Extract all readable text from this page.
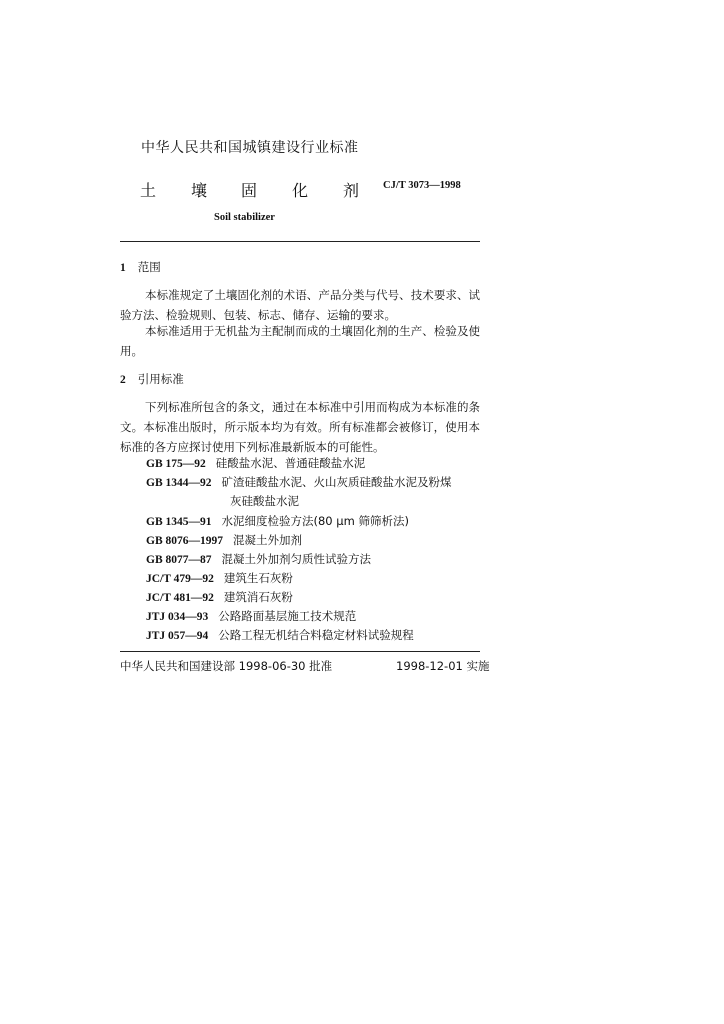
中华人民共和国城镇建设行业标准
土 壤 固 化 剂 CJ/T 3073—1998
Soil stabilizer
1 范围
本标准规定了土壤固化剂的术语、产品分类与代号、技术要求、试验方法、检验规则、包装、标志、储存、运输的要求。
本标准适用于无机盐为主配制而成的土壤固化剂的生产、检验及使用。
2 引用标准
下列标准所包含的条文，通过在本标准中引用而构成为本标准的条文。本标准出版时，所示版本均为有效。所有标准都会被修订，使用本标准的各方应探讨使用下列标准最新版本的可能性。
GB 175—92 硅酸盐水泥、普通硅酸盐水泥
GB 1344—92 矿渣硅酸盐水泥、火山灰质硅酸盐水泥及粉煤
灰硅酸盐水泥
GB 1345—91 水泥细度检验方法(80 μm 筛筛析法)
GB 8076—1997 混凝土外加剂
GB 8077—87 混凝土外加剂匀质性试验方法
JC/T 479—92 建筑生石灰粉
JC/T 481—92 建筑消石灰粉
JTJ 034—93 公路路面基层施工技术规范
JTJ 057—94 公路工程无机结合料稳定材料试验规程
中华人民共和国建设部 1998-06-30 批准	1998-12-01 实施
